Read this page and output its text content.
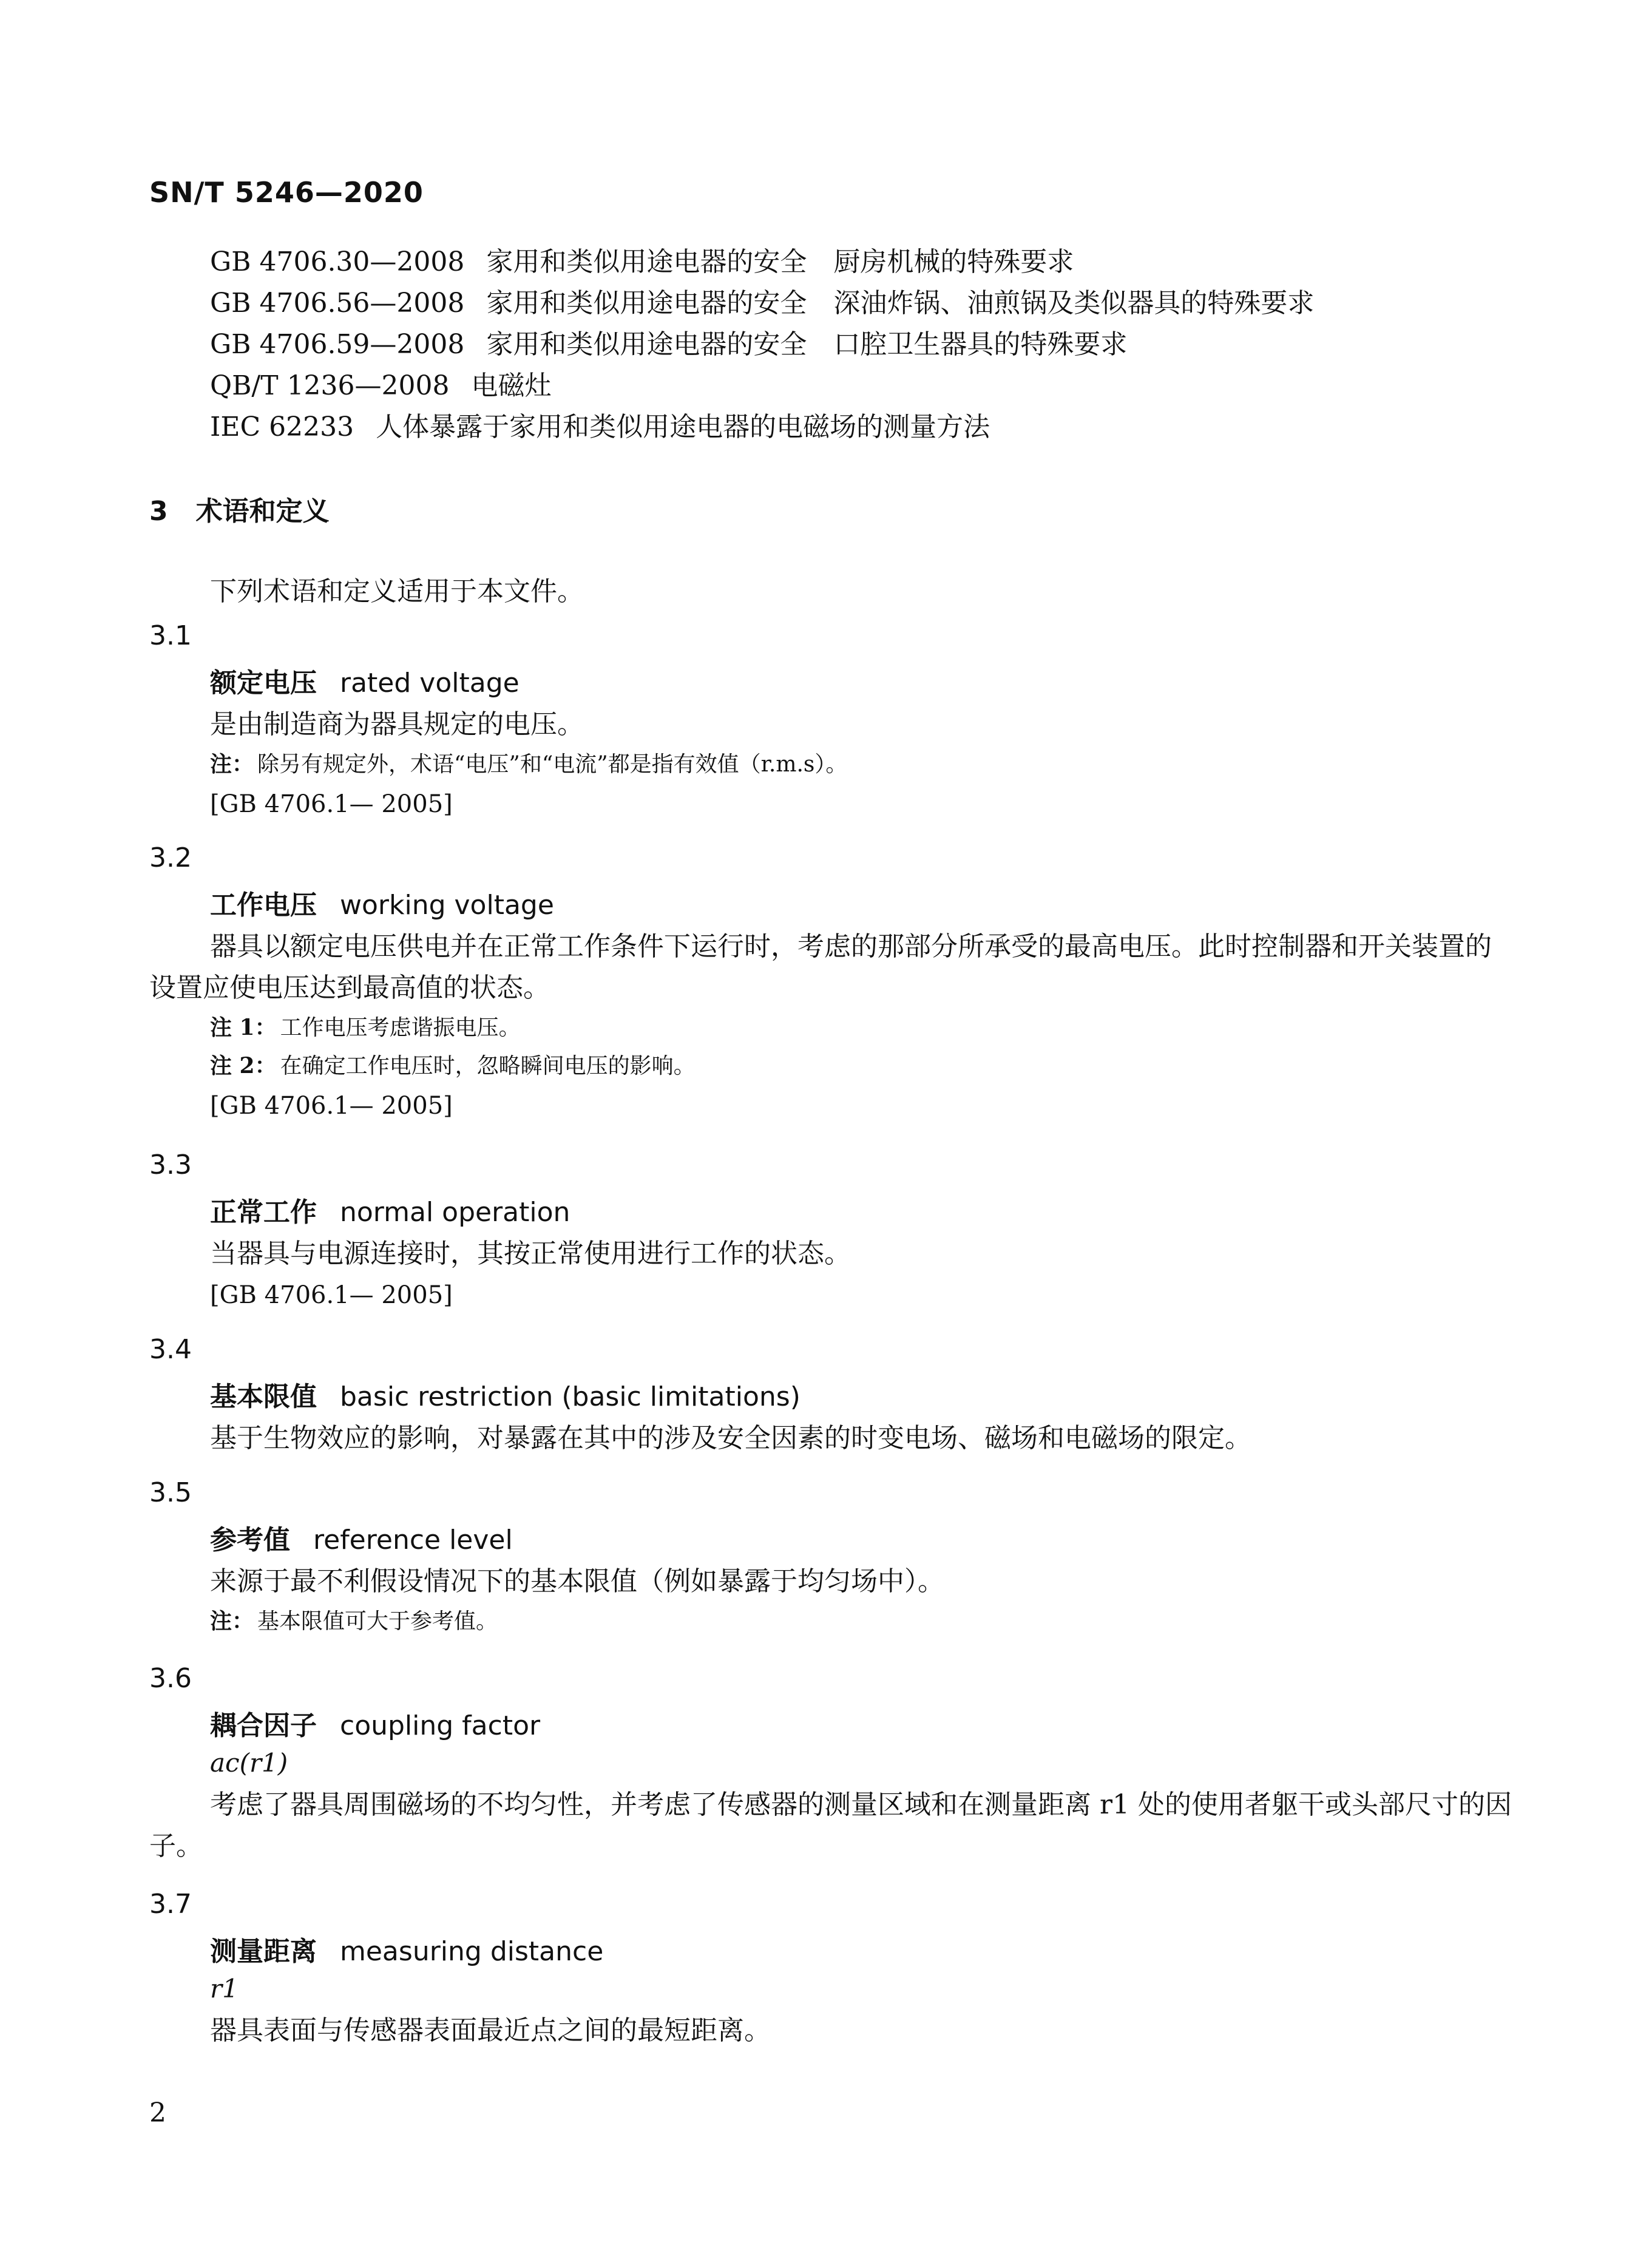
SN/T 5246—2020
GB 4706.30—2008 家用和类似用途电器的安全 厨房机械的特殊要求
GB 4706.56—2008 家用和类似用途电器的安全 深油炸锅、油煎锅及类似器具的特殊要求
GB 4706.59—2008 家用和类似用途电器的安全 口腔卫生器具的特殊要求
QB/T 1236—2008 电磁灶
IEC 62233 人体暴露于家用和类似用途电器的电磁场的测量方法
3 术语和定义
下列术语和定义适用于本文件。
3.1
额定电压 rated voltage
是由制造商为器具规定的电压。
注： 除另有规定外，术语“电压”和“电流”都是指有效值（r.m.s）。
[GB 4706.1— 2005]
3.2
工作电压 working voltage
器具以额定电压供电并在正常工作条件下运行时，考虑的那部分所承受的最高电压。此时控制器和开关装置的设置应使电压达到最高值的状态。
注 1： 工作电压考虑谐振电压。
注 2： 在确定工作电压时，忽略瞬间电压的影响。
[GB 4706.1— 2005]
3.3
正常工作 normal operation
当器具与电源连接时，其按正常使用进行工作的状态。
[GB 4706.1— 2005]
3.4
基本限值 basic restriction (basic limitations)
基于生物效应的影响，对暴露在其中的涉及安全因素的时变电场、磁场和电磁场的限定。
3.5
参考值 reference level
来源于最不利假设情况下的基本限值（例如暴露于均匀场中）。
注： 基本限值可大于参考值。
3.6
耦合因子 coupling factor
ac(r1)
考虑了器具周围磁场的不均匀性，并考虑了传感器的测量区域和在测量距离 r1 处的使用者躯干或头部尺寸的因子。
3.7
测量距离 measuring distance
r1
器具表面与传感器表面最近点之间的最短距离。
2
